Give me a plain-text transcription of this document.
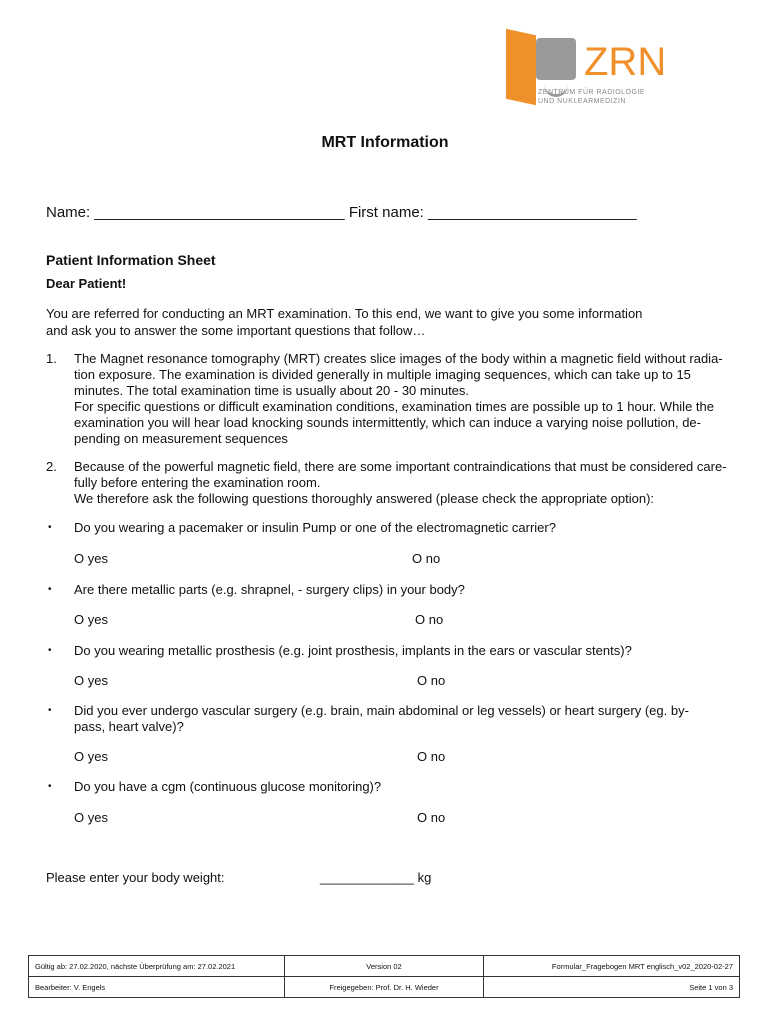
ZRN
ZENTRUM FÜR RADIOLOGIE
UND NUKLEARMEDIZIN
MRT Information
Name: ______________________________ First name: _________________________
Patient Information Sheet
Dear Patient!
You are referred for conducting an MRT examination. To this end, we want to give you some information
and ask you to answer the some important questions that follow…
1. The Magnet resonance tomography (MRT) creates slice images of the body within a magnetic field without radia-
tion exposure. The examination is divided generally in multiple imaging sequences, which can take up to 15
minutes. The total examination time is usually about 20 - 30 minutes.
For specific questions or difficult examination conditions, examination times are possible up to 1 hour. While the
examination you will hear load knocking sounds intermittently, which can induce a varying noise pollution, de-
pending on measurement sequences
2. Because of the powerful magnetic field, there are some important contraindications that must be considered care-
fully before entering the examination room.
We therefore ask the following questions thoroughly answered (please check the appropriate option):
• Do you wearing a pacemaker or insulin Pump or one of the electromagnetic carrier?
O yes	O no
• Are there metallic parts (e.g. shrapnel, - surgery clips) in your body?
O yes	O no
• Do you wearing metallic prosthesis (e.g. joint prosthesis, implants in the ears or vascular stents)?
O yes	O no
• Did you ever undergo vascular surgery (e.g. brain, main abdominal or leg vessels) or heart surgery (eg. by-
pass, heart valve)?
O yes	O no
• Do you have a cgm (continuous glucose monitoring)?
O yes	O no
Please enter your body weight:	_____________ kg
Gültig ab: 27.02.2020, nächste Überprüfung am: 27.02.2021	Version 02	Formular_Fragebogen MRT englisch_v02_2020-02-27
Bearbeiter: V. Engels	Freigegeben: Prof. Dr. H. Wieder	Seite 1 von 3
